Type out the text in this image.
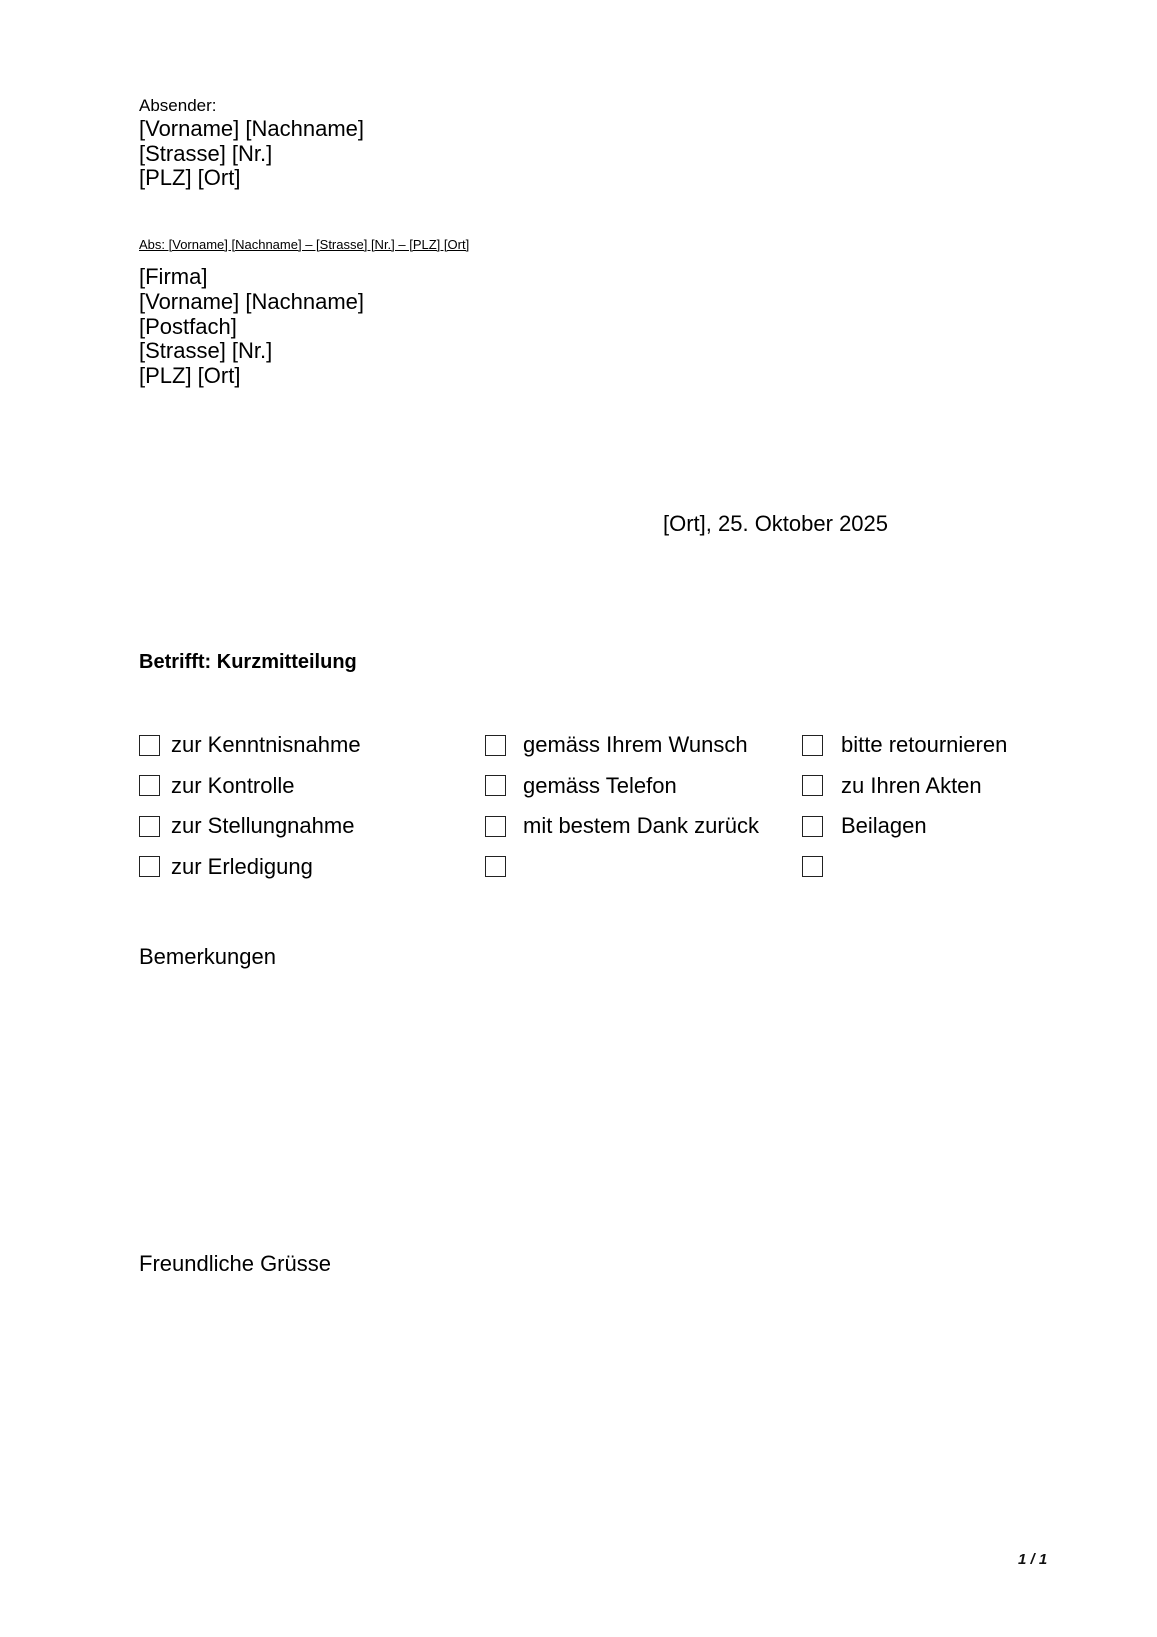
Absender:
[Vorname] [Nachname]
[Strasse] [Nr.]
[PLZ] [Ort]
Abs: [Vorname] [Nachname] – [Strasse] [Nr.] – [PLZ] [Ort]
[Firma]
[Vorname] [Nachname]
[Postfach]
[Strasse] [Nr.]
[PLZ] [Ort]
[Ort], 25. Oktober 2025
Betrifft: Kurzmitteilung
zur Kenntnisnahme	gemäss Ihrem Wunsch	bitte retournieren
zur Kontrolle	gemäss Telefon	zu Ihren Akten
zur Stellungnahme	mit bestem Dank zurück	Beilagen
zur Erledigung
Bemerkungen
Freundliche Grüsse
1 / 1
